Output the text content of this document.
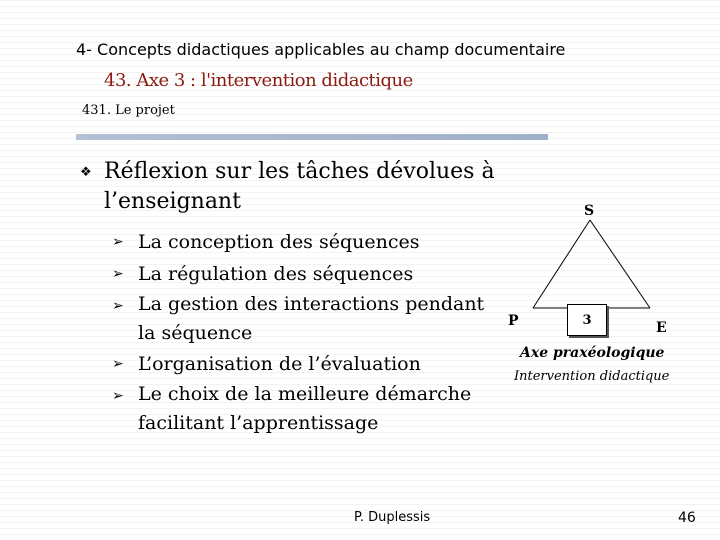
4- Concepts didactiques applicables au champ documentaire
43. Axe 3 : l'intervention didactique
431. Le projet
❖ Réflexion sur les tâches dévolues à l’enseignant
➢ La conception des séquences
➢ La régulation des séquences
➢ La gestion des interactions pendant la séquence
➢ L’organisation de l’évaluation
➢ Le choix de la meilleure démarche facilitant l’apprentissage
S
P	E
3
Axe praxéologique
Intervention didactique
P. Duplessis	46
